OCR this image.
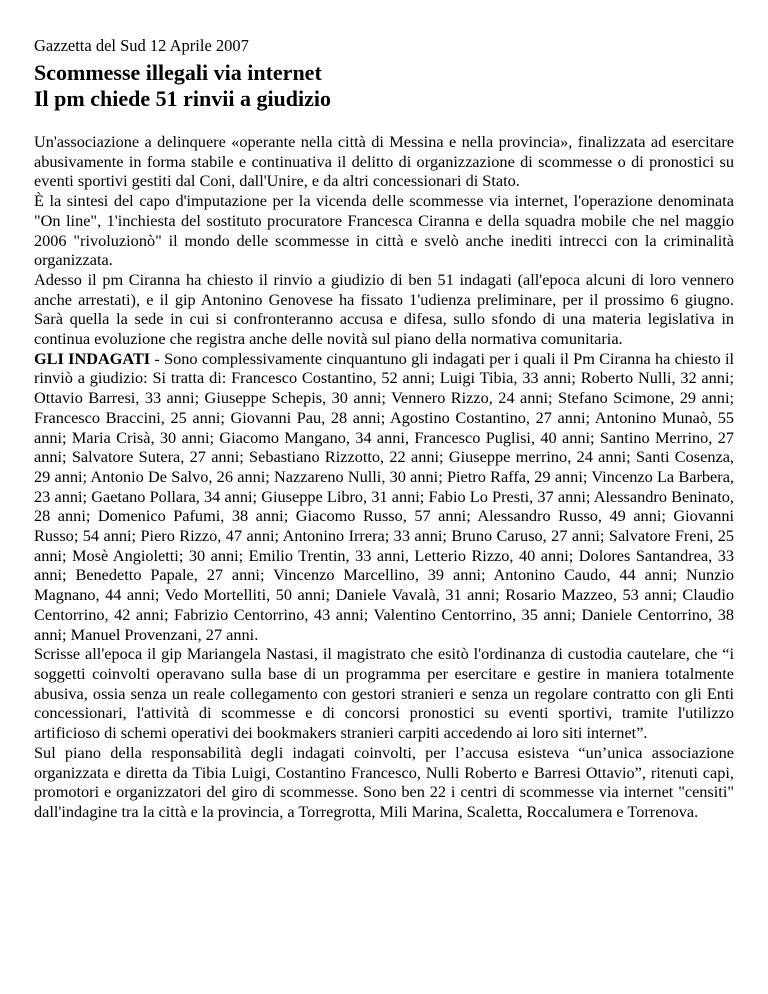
Gazzetta del Sud 12 Aprile 2007

Scommesse illegali via internet
Il pm chiede 51 rinvii a giudizio

Un'associazione a delinquere «operante nella città di Messina e nella provincia», finalizzata ad esercitare abusivamente in forma stabile e continuativa il delitto di organizzazione di scommesse o di pronostici su eventi sportivi gestiti dal Coni, dall'Unire, e da altri concessionari di Stato.

È la sintesi del capo d'imputazione per la vicenda delle scommesse via internet, l'operazione denominata "On line", 1'inchiesta del sostituto procuratore Francesca Ciranna e della squadra mobile che nel maggio 2006 "rivoluzionò" il mondo delle scommesse in città e svelò anche inediti intrecci con la criminalità organizzata.

Adesso il pm Ciranna ha chiesto il rinvio a giudizio di ben 51 indagati (all'epoca alcuni di loro vennero anche arrestati), e il gip Antonino Genovese ha fissato 1'udienza preliminare, per il prossimo 6 giugno. Sarà quella la sede in cui si confronteranno accusa e difesa, sullo sfondo di una materia legislativa in continua evoluzione che registra anche delle novità sul piano della normativa comunitaria.

GLI INDAGATI - Sono complessivamente cinquantuno gli indagati per i quali il Pm Ciranna ha chiesto il rinviò a giudizio: Si tratta di: Francesco Costantino, 52 anni; Luigi Tibia, 33 anni; Roberto Nulli, 32 anni; Ottavio Barresi, 33 anni; Giuseppe Schepis, 30 anni; Vennero Rizzo, 24 anni; Stefano Scimone, 29 anni; Francesco Braccini, 25 anni; Giovanni Pau, 28 anni; Agostino Costantino, 27 anni; Antonino Munaò, 55 anni; Maria Crisà, 30 anni; Giacomo Mangano, 34 anni, Francesco Puglisi, 40 anni; Santino Merrino, 27 anni; Salvatore Sutera, 27 anni; Sebastiano Rizzotto, 22 anni; Giuseppe merrino, 24 anni; Santi Cosenza, 29 anni; Antonio De Salvo, 26 anni; Nazzareno Nulli, 30 anni; Pietro Raffa, 29 anni; Vincenzo La Barbera, 23 anni; Gaetano Pollara, 34 anni; Giuseppe Libro, 31 anni; Fabio Lo Presti, 37 anni; Alessandro Beninato, 28 anni; Domenico Pafumi, 38 anni; Giacomo Russo, 57 anni; Alessandro Russo, 49 anni; Giovanni Russo; 54 anni; Piero Rizzo, 47 anni; Antonino Irrera; 33 anni; Bruno Caruso, 27 anni; Salvatore Freni, 25 anni; Mosè Angioletti; 30 anni; Emilio Trentin, 33 anni, Letterio Rizzo, 40 anni; Dolores Santandrea, 33 anni; Benedetto Papale, 27 anni; Vincenzo Marcellino, 39 anni; Antonino Caudo, 44 anni; Nunzio Magnano, 44 anni; Vedo Mortelliti, 50 anni; Daniele Vavalà, 31 anni; Rosario Mazzeo, 53 anni; Claudio Centorrino, 42 anni; Fabrizio Centorrino, 43 anni; Valentino Centorrino, 35 anni; Daniele Centorrino, 38 anni; Manuel Provenzani, 27 anni.

Scrisse all'epoca il gip Mariangela Nastasi, il magistrato che esitò l'ordinanza di custodia cautelare, che “i soggetti coinvolti operavano sulla base di un programma per esercitare e gestire in maniera totalmente abusiva, ossia senza un reale collegamento con gestori stranieri e senza un regolare contratto con gli Enti concessionari, l'attività di scommesse e di concorsi pronostici su eventi sportivi, tramite l'utilizzo artificioso di schemi operativi dei bookmakers stranieri carpiti accedendo ai loro siti internet”.

Sul piano della responsabilità degli indagati coinvolti, per l’accusa esisteva “un’unica associazione organizzata e diretta da Tibia Luigi, Costantino Francesco, Nulli Roberto e Barresi Ottavio”, ritenuti capi, promotori e organizzatori del giro di scommesse. Sono ben 22 i centri di scommesse via internet "censiti" dall'indagine tra la città e la provincia, a Torregrotta, Mili Marina, Scaletta, Roccalumera e Torrenova.
